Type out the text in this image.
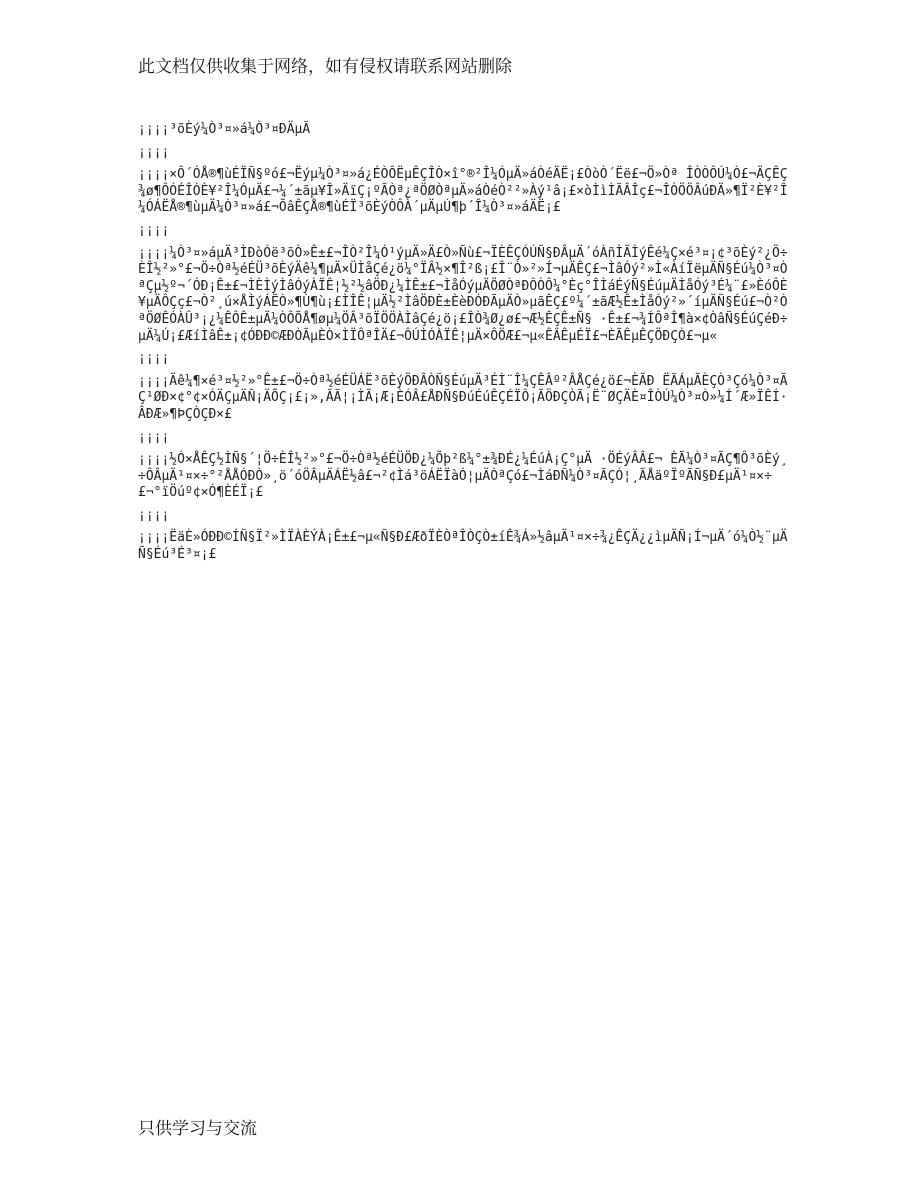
此文档仅供收集于网络，如有侵权请联系网站删除

¡¡¡¡³õÈý¼Ò³¤»á¼Ò³¤ÐÄµÃ

¡¡¡¡

¡¡¡¡×Ô´ÓÅ®¶ùÉÏÑ§ºó£¬Ëýµ¼Ò³¤»á¿ÉÒÔËµÊÇÎÒ×î°®²Î¼ÓµÄ»áÒéÄË¡£ÒòÒ´Ëë£¬Ö»Òª ÎÒÒÔÚ¼Ò£¬ÄÇÊÇ¾ø¶ÔÓÉÎÒÈ¥²Î¼ÓµÄ£¬¼´±ãµ¥Î»ÄïÇ¡ºÃÒª¿ªÖØÒªµÄ»áÒéÒ²²»Àý¹â¡£×òÌìÌÃÂÎç£¬ÎÒÖÖÂúÐÄ»¶Ï²È¥²Î¼ÓÁËÅ®¶ùµÄ¼Ò³¤»á£¬ÕâÊÇÅ®¶ùÉÏ³õÈýÒÔÀ´µÄµÚ¶þ´Î¼Ò³¤»áÄË¡£

¡¡¡¡

¡¡¡¡¼Ò³¤»áµÄ³ÌÐòÓë³õÒ»Ê±£¬ÎÒ²Î¼Ó¹ýµÄ»Ä£Ò»Ñù£¬ÏÈÊÇÓÚÑ§ÐÂµÄ´óÀñÌÃÌýÊé¼Ç×é³¤¡¢³õÈý²¿Ö÷ÈÎ½²»°£¬Ö÷Òª½éÉÜ³õÈýÄê¼¶µÄ×ÜÌåÇé¿ö¼°ÏÂ½×¶Î²ß¡£Î¨Ò»²»Í¬µÄÊÇ£¬ÌâÓý²»Ì«ÀíÏëµÄÑ§Éú¼Ò³¤ÒªÇµ½º¬´ÓÐ¡Ê±£¬ÌÈÌýÌâÓýÀÏÊ¦½²½âÖÐ¿¼ÌÊ±£¬ÌåÓýµÄÖØÒªÐÔÒÔ¼°Èç°ÎÌáÉýÑ§ÉúµÄÌåÓý³É¼¨£»ÈóÔÈ¥µÄÔÇç£¬Ò²¸ú×ÅÌýÁËÒ»¶Ù¶ù¡£ÌÎÊ¦µÄ½²ÌâÖÐÈ±ÈèÐÓÐÃµÄÒ»µãÊÇ£º¼´±ãÆ½Ê±ÌåÓý²»´íµÄÑ§Éú£¬Ò²ÒªÖØÊÓÀÛ³¡¿¼ÊÔÊ±µÄ¼ÒÔÕÅ¶øµ¼ÖÂ³õÏÖÖÀÌâÇé¿ö¡£ÎÒ¾Ø¿ø£¬Æ½ÊÇÊ±Ñ§ ·Ê±£¬¾ÍÔªÎ¶à×¢ÒâÑ§ÉúÇéÐ÷µÄ¼Ú¡£ÆíÌâÊ±¡¢ÓÐÐ©ÆÐÒÃµÈÒ×ÌÏÔªÎÄ£¬ÔÚÌÓÀÏÊ¦µÄ×ÔÖÆ£¬µ«ÊÂÊµÉÏ£¬ÈÃÊµÊÇÖÐÇÒ£¬µ«

¡¡¡¡

¡¡¡¡Äê¼¶×é³¤½²»°Ê±£¬Ö÷Òª½éÉÜÁË³õÈýÖÐÂÒÑ§ÉúµÄ³ÉÌ¨Î¼ÇÊÂº²ÂÅÇé¿ö£¬ÈÃÐ ËÃÁµÃÈÇÒ³Çó¼Ò³¤ÃÇ¹ØÐ×¢°¢×ÓÄÇµÄÑ¡ÄÕÇ¡£¡»,ÃÃ¦¡ÌÃ¡Æ¡ÈÓÂ£ÅÐÑ§ÐúÉúÊÇÉÏÔ¡ÃÖÐÇÒÃ¡Ë¨ØÇÄÈ¤ÎÒÚ¼Ò³¤Ò»¼Í´Æ»ÏÊÍ·ÂÐÆ»¶ÞÇÒÇÐ×£

¡¡¡¡

¡¡¡¡½Ó×ÅÊÇ½ÌÑ§´¦Ö÷ÈÎ½²»°£¬Ö÷Òª½éÉÜÖÐ¿¼Õþ²ß¼°±¾ÐÉ¿¼ÉúÀ¡Ç°µÄ ·ÖÉýÂÂ£¬ ÈÃ¼Ò³¤ÃÇ¶Ô³õÈý¸÷ÔÂµÄ¹¤×÷°²ÅÅÓÐÒ»¸ö´óÖÂµÄÁË½â£¬²¢Ìá³öÁËÏàÓ¦µÄÒªÇó£¬ÌáÐÑ¼Ò³¤ÃÇÓ¦¸ÃÅäºÏºÃÑ§Ð£µÄ¹¤×÷£¬°ïÖúº¢×Ó¶ÈÉÏ¡£

¡¡¡¡

¡¡¡¡ËäÈ»ÓÐÐ©ÍÑ§Ï²»ÌÏÀÈÝÀ¡Ê±£¬µ«Ñ§Ð£ÆðÏÈÒªÎÒÇÒ±íÊ¾Á»½âµÄ¹¤×÷¾¿ÊÇÄ¿¿ìµÄÑ¡Í¬µÄ´ó¼Ò½¨µÄÑ§Éú³É³¤¡£

只供学习与交流
